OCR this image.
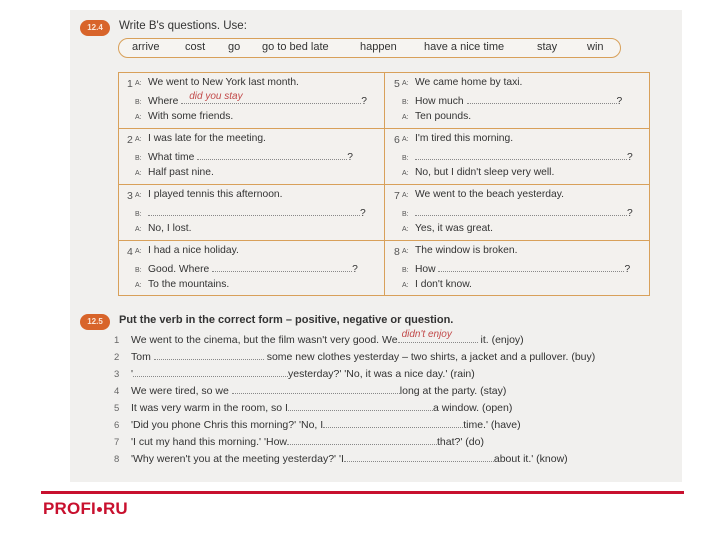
12.4	Write B's questions. Use:
arrive cost go go to bed late	happen have a nice time	stay	win
1 A: We went to New York last month.
B: Where did you stay	?
A: With some friends.
5 A: We came home by taxi.
B: How much	?
A: Ten pounds.
2 A: I was late for the meeting.
B: What time	?
A: Half past nine.
6 A: I'm tired this morning.
B:	?
A: No, but I didn't sleep very well.
3 A: I played tennis this afternoon.
B:	?
A: No, I lost.
7 A: We went to the beach yesterday.
B:	?
A: Yes, it was great.
4 A: I had a nice holiday.
B: Good. Where	?
A: To the mountains.
8 A: The window is broken.
B: How	?
A: I don't know.
12.5	Put the verb in the correct form – positive, negative or question.
1 We went to the cinema, but the film wasn't very good. We didn't enjoy	it. (enjoy)
2 Tom	some new clothes yesterday – two shirts, a jacket and a pullover. (buy)
3 '	yesterday?' 'No, it was a nice day.' (rain)
4 We were tired, so we	long at the party. (stay)
5 It was very warm in the room, so I	a window. (open)
6 'Did you phone Chris this morning?' 'No, I	time.' (have)
7 'I cut my hand this morning.' 'How	that?' (do)
8 'Why weren't you at the meeting yesterday?' 'I	about it.' (know)
PROFI RU
